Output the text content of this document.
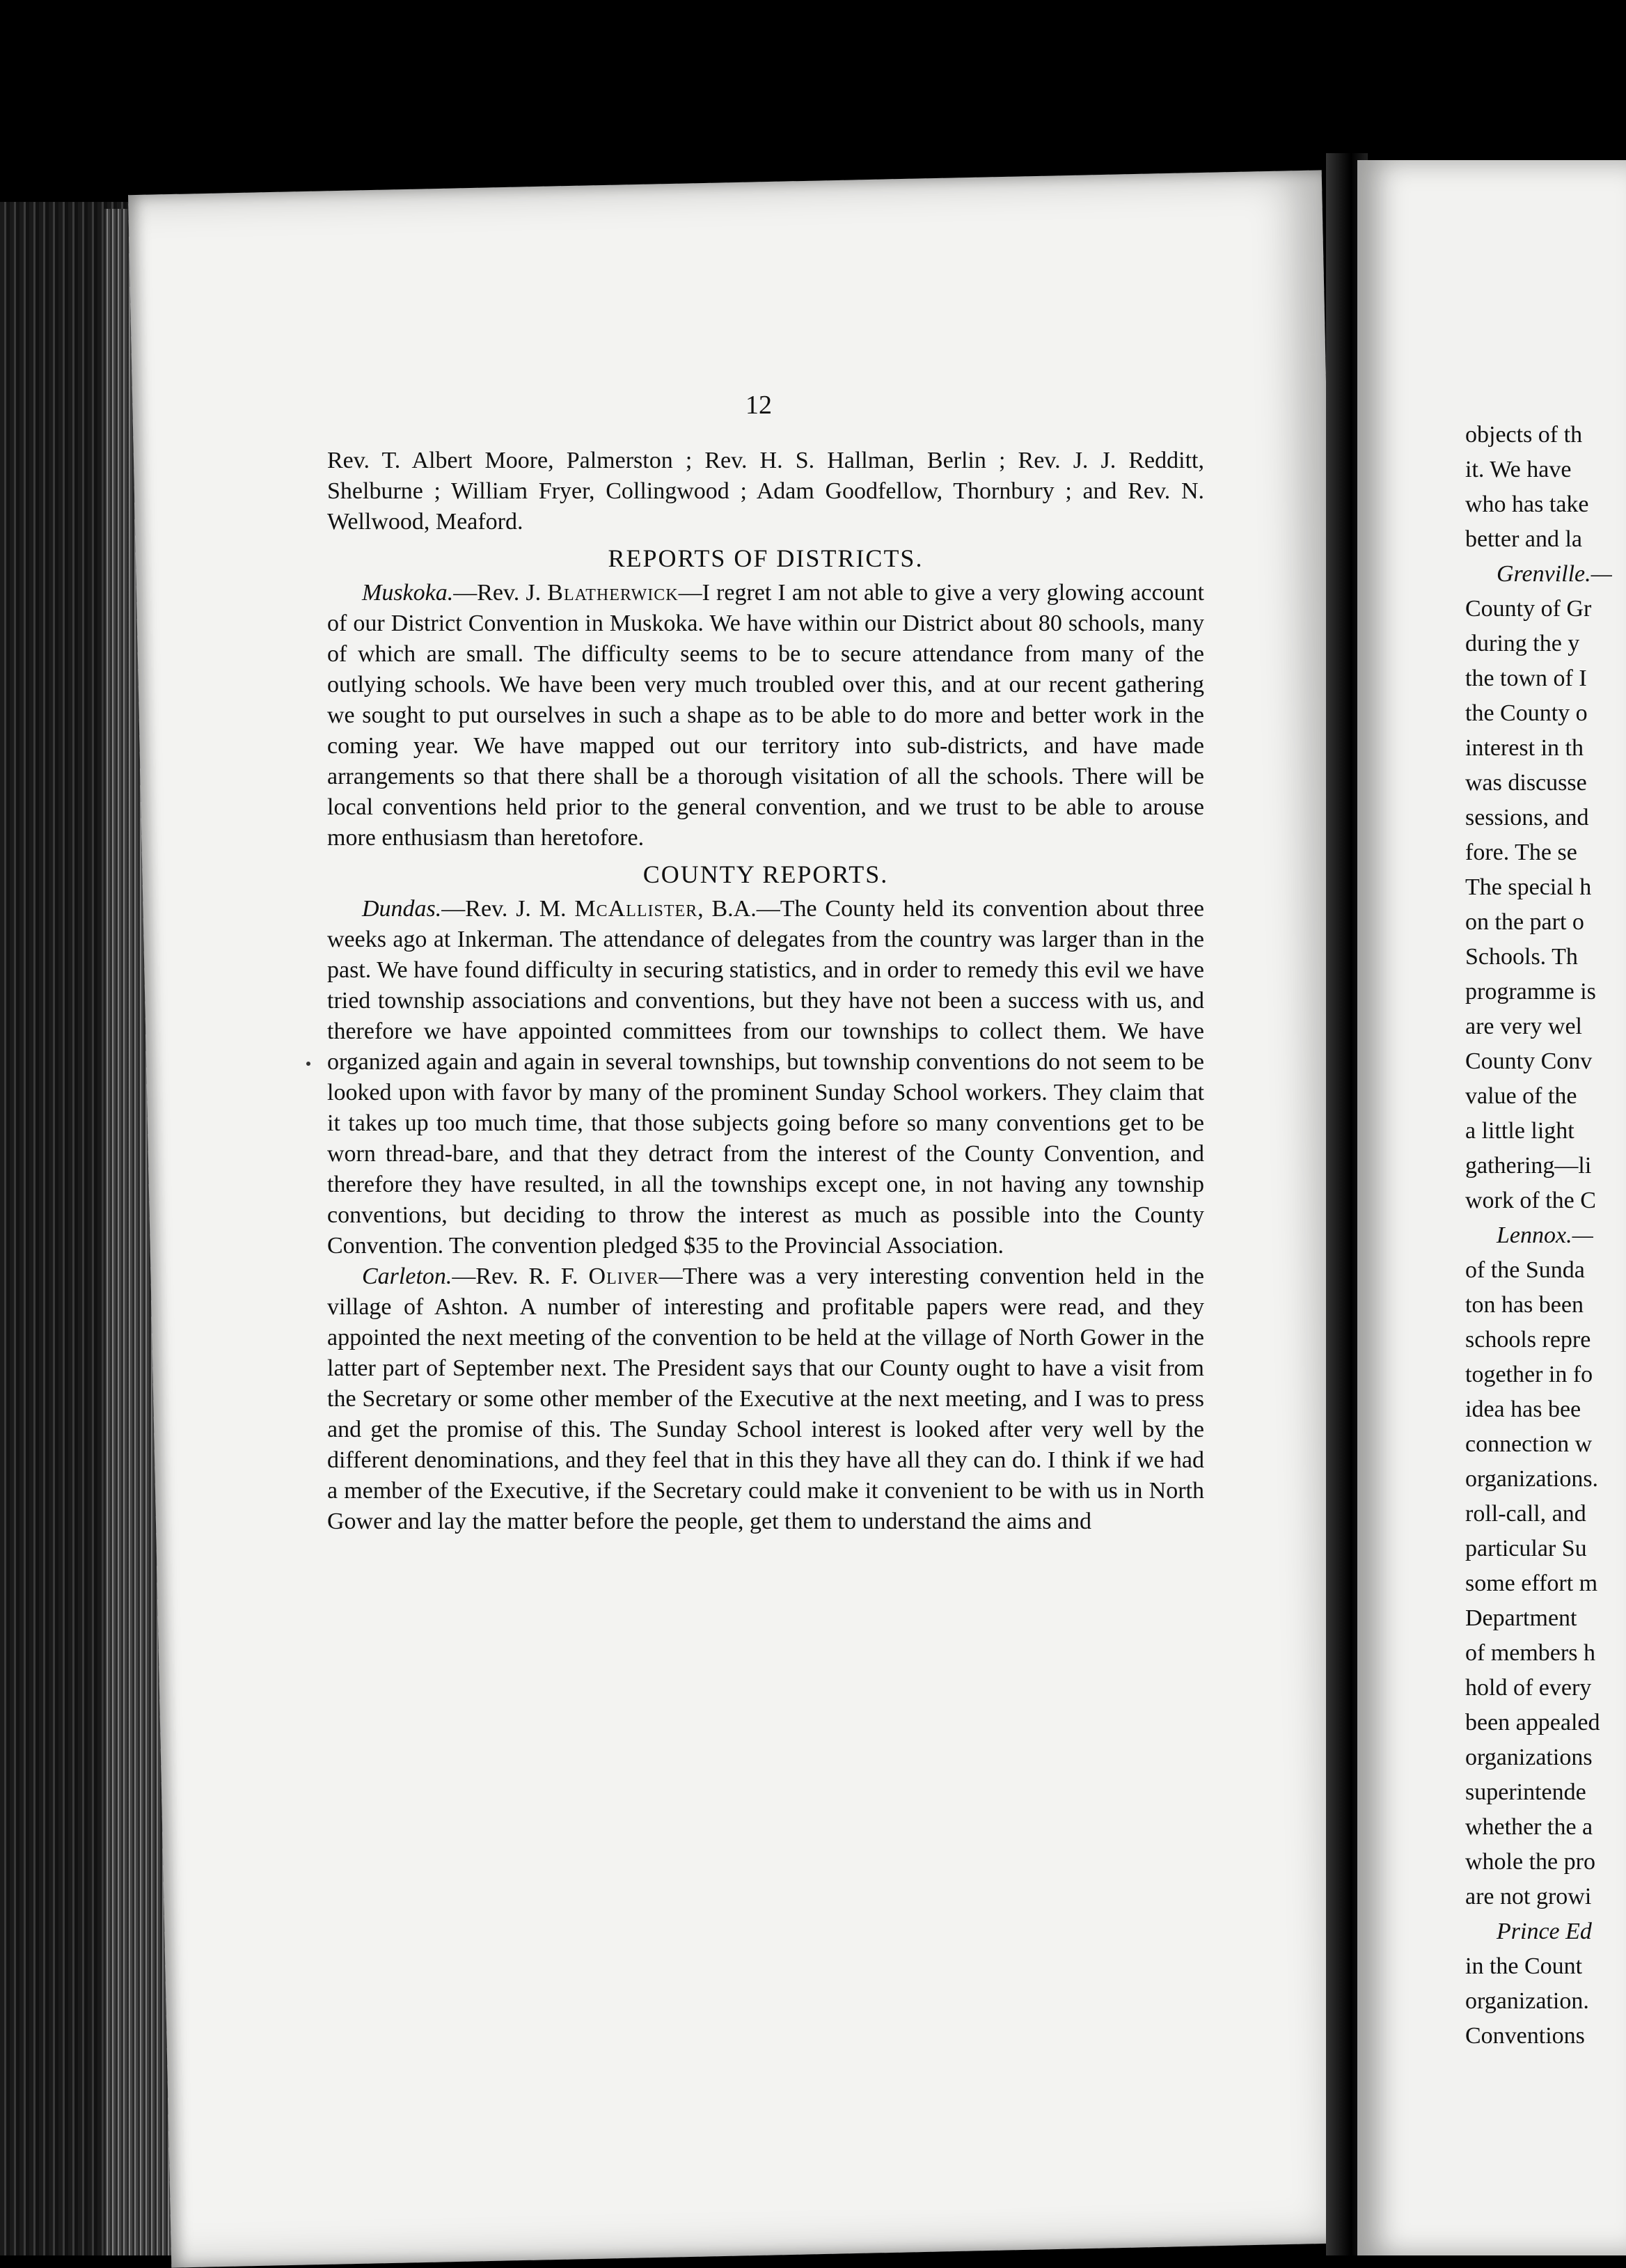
12

Rev. T. Albert Moore, Palmerston ; Rev. H. S. Hallman, Berlin ; Rev. J. J. Redditt, Shelburne ; William Fryer, Collingwood ; Adam Goodfellow, Thornbury ; and Rev. N. Wellwood, Meaford.

REPORTS OF DISTRICTS.

Muskoka.—Rev. J. Blatherwick—I regret I am not able to give a very glowing account of our District Convention in Muskoka. We have within our District about 80 schools, many of which are small. The difficulty seems to be to secure attendance from many of the outlying schools. We have been very much troubled over this, and at our recent gathering we sought to put ourselves in such a shape as to be able to do more and better work in the coming year. We have mapped out our territory into sub-districts, and have made arrangements so that there shall be a thorough visitation of all the schools. There will be local conventions held prior to the general convention, and we trust to be able to arouse more enthusiasm than heretofore.

COUNTY REPORTS.

Dundas.—Rev. J. M. McAllister, B.A.—The County held its convention about three weeks ago at Inkerman. The attendance of delegates from the country was larger than in the past. We have found difficulty in securing statistics, and in order to remedy this evil we have tried township associations and conventions, but they have not been a success with us, and therefore we have appointed committees from our townships to collect them. We have organized again and again in several townships, but township conventions do not seem to be looked upon with favor by many of the prominent Sunday School workers. They claim that it takes up too much time, that those subjects going before so many conventions get to be worn thread-bare, and that they detract from the interest of the County Convention, and therefore they have resulted, in all the townships except one, in not having any township conventions, but deciding to throw the interest as much as possible into the County Convention. The convention pledged $35 to the Provincial Association.

Carleton.—Rev. R. F. Oliver—There was a very interesting convention held in the village of Ashton. A number of interesting and profitable papers were read, and they appointed the next meeting of the convention to be held at the village of North Gower in the latter part of September next. The President says that our County ought to have a visit from the Secretary or some other member of the Executive at the next meeting, and I was to press and get the promise of this. The Sunday School interest is looked after very well by the different denominations, and they feel that in this they have all they can do. I think if we had a member of the Executive, if the Secretary could make it convenient to be with us in North Gower and lay the matter before the people, get them to understand the aims and

objects of th
it. We have
who has take
better and la
Grenville.—
County of Gr
during the y
the town of I
the County o
interest in th
was discusse
sessions, and
fore. The se
The special h
on the part o
Schools. Th
programme is
are very wel
County Conv
value of the
a little light
gathering—li
work of the C
Lennox.—
of the Sunda
ton has been
schools repre
together in fo
idea has bee
connection w
organizations.
roll-call, and
particular Su
some effort m
Department
of members h
hold of every
been appealed
organizations
superintende
whether the a
whole the pro
are not growi
Prince Ed
in the Count
organization.
Conventions
